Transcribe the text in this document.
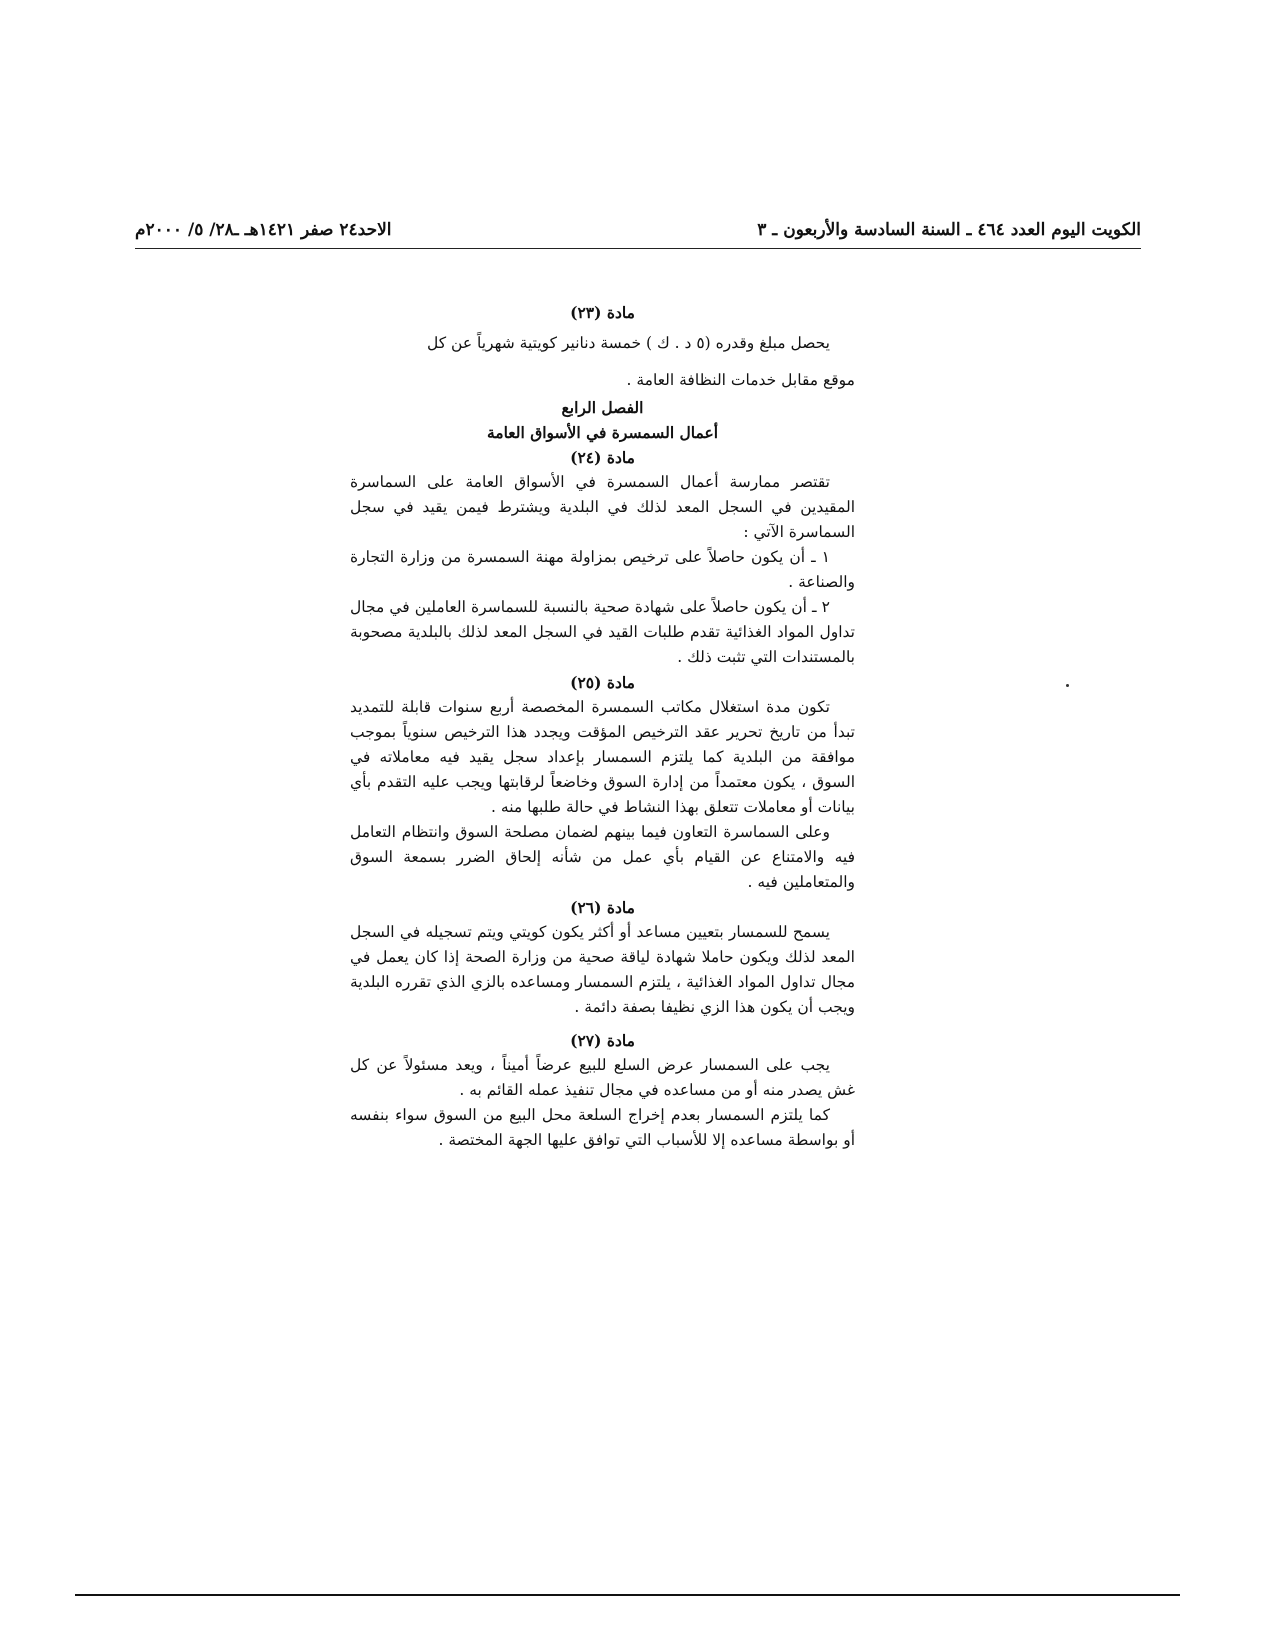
الكويت اليوم العدد ٤٦٤ ـ السنة السادسة والأربعون ـ ٣
الاحد٢٤ صفر ١٤٢١هـ ـ٢٨/ ٥/ ٢٠٠٠م

مادة (٢٣)

يحصل مبلغ وقدره (٥ د . ك ) خمسة دنانير كويتية شهرياً عن كل

موقع مقابل خدمات النظافة العامة .

الفصل الرابع

أعمال السمسرة في الأسواق العامة

مادة (٢٤)

تقتصر ممارسة أعمال السمسرة في الأسواق العامة على السماسرة المقيدين في السجل المعد لذلك في البلدية ويشترط فيمن يقيد في سجل السماسرة الآتي :

١ ـ أن يكون حاصلاً على ترخيص بمزاولة مهنة السمسرة من وزارة التجارة والصناعة .

٢ ـ أن يكون حاصلاً على شهادة صحية بالنسبة للسماسرة العاملين في مجال تداول المواد الغذائية تقدم طلبات القيد في السجل المعد لذلك بالبلدية مصحوبة بالمستندات التي تثبت ذلك .

مادة (٢٥)

تكون مدة استغلال مكاتب السمسرة المخصصة أربع سنوات قابلة للتمديد تبدأ من تاريخ تحرير عقد الترخيص المؤقت ويجدد هذا الترخيص سنوياً بموجب موافقة من البلدية كما يلتزم السمسار بإعداد سجل يقيد فيه معاملاته في السوق ، يكون معتمداً من إدارة السوق وخاضعاً لرقابتها ويجب عليه التقدم بأي بيانات أو معاملات تتعلق بهذا النشاط في حالة طلبها منه .

وعلى السماسرة التعاون فيما بينهم لضمان مصلحة السوق وانتظام التعامل فيه والامتناع عن القيام بأي عمل من شأنه إلحاق الضرر بسمعة السوق والمتعاملين فيه .

مادة (٢٦)

يسمح للسمسار بتعيين مساعد أو أكثر يكون كويتي ويتم تسجيله في السجل المعد لذلك ويكون حاملا شهادة لياقة صحية من وزارة الصحة إذا كان يعمل في مجال تداول المواد الغذائية ، يلتزم السمسار ومساعده بالزي الذي تقرره البلدية ويجب أن يكون هذا الزي نظيفا بصفة دائمة .

مادة (٢٧)

يجب على السمسار عرض السلع للبيع عرضاً أميناً ، ويعد مسئولاً عن كل غش يصدر منه أو من مساعده في مجال تنفيذ عمله القائم به .

كما يلتزم السمسار بعدم إخراج السلعة محل البيع من السوق سواء بنفسه أو بواسطة مساعده إلا للأسباب التي توافق عليها الجهة المختصة .
